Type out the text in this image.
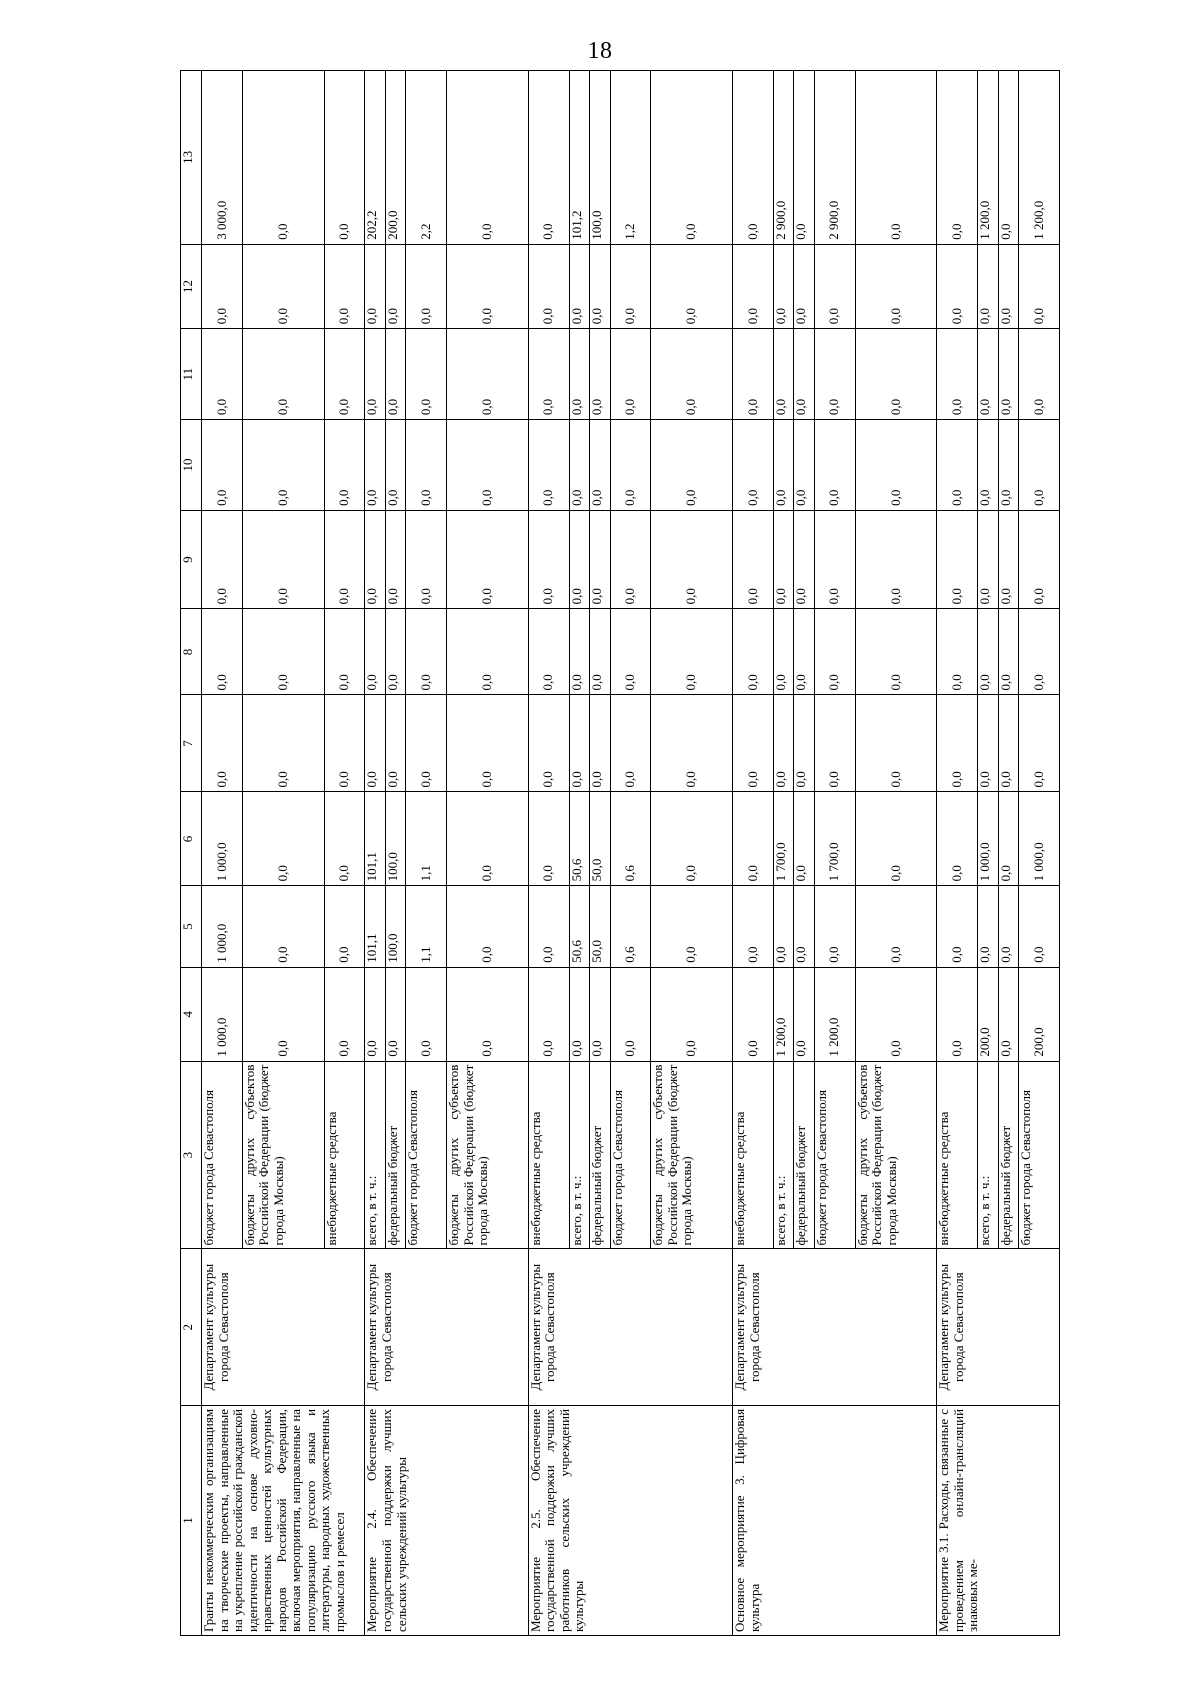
18
1	2	3	4	5	6	7	8	9	10	11	12	13
Гранты некоммерческим организациям на творческие проекты, направленные на укрепление российской гражданской идентичности на основе духовно-нравственных ценностей культурных народов Российской Федерации, включая мероприятия, направленные на популяризацию русского языка и литературы, народных художественных промыслов и ремесел	Департамент культуры города Севастополя	бюджет города Севастополя	1 000,0	1 000,0	1 000,0	0,0	0,0	0,0	0,0	0,0	0,0	3 000,0
		бюджеты других субъектов Российской Федерации (бюджет города Москвы)	0,0	0,0	0,0	0,0	0,0	0,0	0,0	0,0	0,0	0,0
		внебюджетные средства	0,0	0,0	0,0	0,0	0,0	0,0	0,0	0,0	0,0	0,0
Мероприятие 2.4. Обеспечение государственной поддержки лучших сельских учреждений культуры	Департамент культуры города Севастополя	всего, в т. ч.:	0,0	101,1	101,1	0,0	0,0	0,0	0,0	0,0	0,0	202,2
		федеральный бюджет	0,0	100,0	100,0	0,0	0,0	0,0	0,0	0,0	0,0	200,0
		бюджет города Севастополя	0,0	1,1	1,1	0,0	0,0	0,0	0,0	0,0	0,0	2,2
		бюджеты других субъектов Российской Федерации (бюджет города Москвы)	0,0	0,0	0,0	0,0	0,0	0,0	0,0	0,0	0,0	0,0
Мероприятие 2.5. Обеспечение государственной поддержки лучших работников сельских учреждений культуры	Департамент культуры города Севастополя	внебюджетные средства	0,0	0,0	0,0	0,0	0,0	0,0	0,0	0,0	0,0	0,0
		всего, в т. ч.:	0,0	50,6	50,6	0,0	0,0	0,0	0,0	0,0	0,0	101,2
		федеральный бюджет	0,0	50,0	50,0	0,0	0,0	0,0	0,0	0,0	0,0	100,0
		бюджет города Севастополя	0,0	0,6	0,6	0,0	0,0	0,0	0,0	0,0	0,0	1,2
		бюджеты других субъектов Российской Федерации (бюджет города Москвы)	0,0	0,0	0,0	0,0	0,0	0,0	0,0	0,0	0,0	0,0
Основное мероприятие 3. Цифровая культура	Департамент культуры города Севастополя	внебюджетные средства	0,0	0,0	0,0	0,0	0,0	0,0	0,0	0,0	0,0	0,0
		всего, в т. ч.:	1 200,0	0,0	1 700,0	0,0	0,0	0,0	0,0	0,0	0,0	2 900,0
		федеральный бюджет	0,0	0,0	0,0	0,0	0,0	0,0	0,0	0,0	0,0	0,0
		бюджет города Севастополя	1 200,0	0,0	1 700,0	0,0	0,0	0,0	0,0	0,0	0,0	2 900,0
		бюджеты других субъектов Российской Федерации (бюджет города Москвы)	0,0	0,0	0,0	0,0	0,0	0,0	0,0	0,0	0,0	0,0
Мероприятие 3.1. Расходы, связанные с проведением онлайн-трансляций знаковых ме-	Департамент культуры города Севастополя	внебюджетные средства	0,0	0,0	0,0	0,0	0,0	0,0	0,0	0,0	0,0	0,0
		всего, в т. ч.:	200,0	0,0	1 000,0	0,0	0,0	0,0	0,0	0,0	0,0	1 200,0
		федеральный бюджет	0,0	0,0	0,0	0,0	0,0	0,0	0,0	0,0	0,0	0,0
		бюджет города Севастополя	200,0	0,0	1 000,0	0,0	0,0	0,0	0,0	0,0	0,0	1 200,0
